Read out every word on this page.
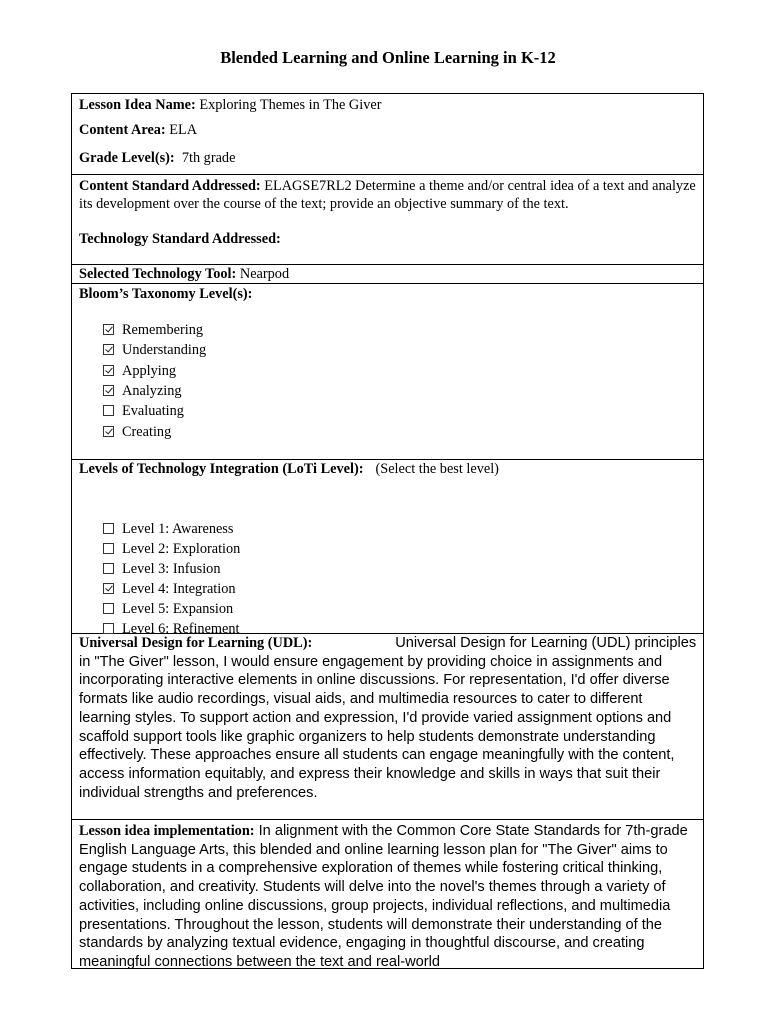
Blended Learning and Online Learning in K-12
Lesson Idea Name: Exploring Themes in The Giver
Content Area: ELA
Grade Level(s):  7th grade
Content Standard Addressed: ELAGSE7RL2 Determine a theme and/or central idea of a text and analyze its development over the course of the text; provide an objective summary of the text.
Technology Standard Addressed:
Selected Technology Tool: Nearpod
Bloom’s Taxonomy Level(s):
Remembering
Understanding
Applying
Analyzing
Evaluating
Creating
Levels of Technology Integration (LoTi Level): (Select the best level)
Level 1: Awareness
Level 2: Exploration
Level 3: Infusion
Level 4: Integration
Level 5: Expansion
Level 6: Refinement
Universal Design for Learning (UDL):	Universal Design for Learning (UDL) principles in "The Giver" lesson, I would ensure engagement by providing choice in assignments and incorporating interactive elements in online discussions. For representation, I'd offer diverse formats like audio recordings, visual aids, and multimedia resources to cater to different learning styles. To support action and expression, I'd provide varied assignment options and scaffold support tools like graphic organizers to help students demonstrate understanding effectively. These approaches ensure all students can engage meaningfully with the content, access information equitably, and express their knowledge and skills in ways that suit their individual strengths and preferences.
Lesson idea implementation: In alignment with the Common Core State Standards for 7th-grade English Language Arts, this blended and online learning lesson plan for "The Giver" aims to engage students in a comprehensive exploration of themes while fostering critical thinking, collaboration, and creativity. Students will delve into the novel's themes through a variety of activities, including online discussions, group projects, individual reflections, and multimedia presentations. Throughout the lesson, students will demonstrate their understanding of the standards by analyzing textual evidence, engaging in thoughtful discourse, and creating meaningful connections between the text and real-world
